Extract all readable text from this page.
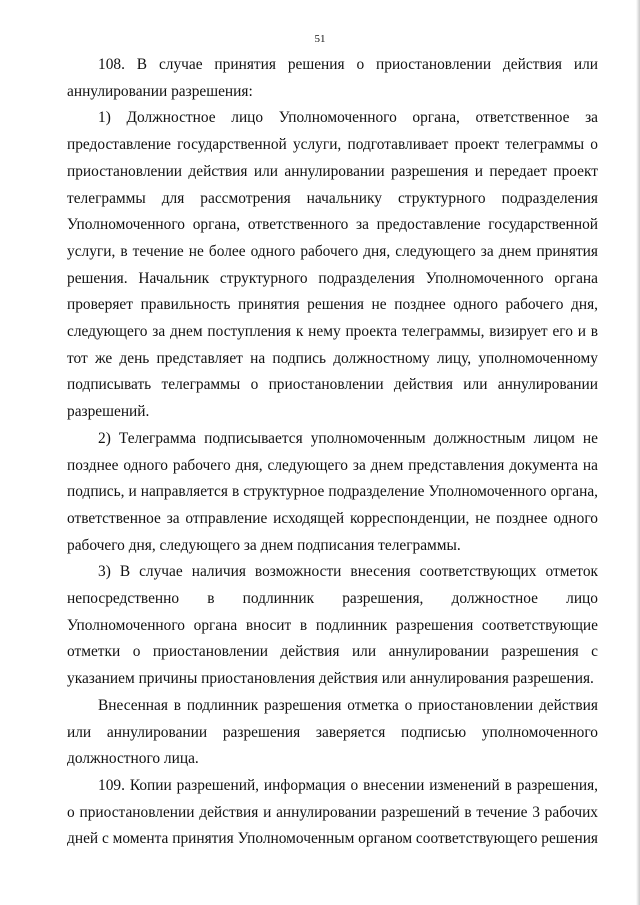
51

108. В случае принятия решения о приостановлении действия или аннулировании разрешения:

1) Должностное лицо Уполномоченного органа, ответственное за предоставление государственной услуги, подготавливает проект телеграммы о приостановлении действия или аннулировании разрешения и передает проект телеграммы для рассмотрения начальнику структурного подразделения Уполномоченного органа, ответственного за предоставление государственной услуги, в течение не более одного рабочего дня, следующего за днем принятия решения. Начальник структурного подразделения Уполномоченного органа проверяет правильность принятия решения не позднее одного рабочего дня, следующего за днем поступления к нему проекта телеграммы, визирует его и в тот же день представляет на подпись должностному лицу, уполномоченному подписывать телеграммы о приостановлении действия или аннулировании разрешений.

2) Телеграмма подписывается уполномоченным должностным лицом не позднее одного рабочего дня, следующего за днем представления документа на подпись, и направляется в структурное подразделение Уполномоченного органа, ответственное за отправление исходящей корреспонденции, не позднее одного рабочего дня, следующего за днем подписания телеграммы.

3) В случае наличия возможности внесения соответствующих отметок непосредственно в подлинник разрешения, должностное лицо Уполномоченного органа вносит в подлинник разрешения соответствующие отметки о приостановлении действия или аннулировании разрешения с указанием причины приостановления действия или аннулирования разрешения.

Внесенная в подлинник разрешения отметка о приостановлении действия или аннулировании разрешения заверяется подписью уполномоченного должностного лица.

109. Копии разрешений, информация о внесении изменений в разрешения, о приостановлении действия и аннулировании разрешений в течение 3 рабочих дней с момента принятия Уполномоченным органом соответствующего решения
